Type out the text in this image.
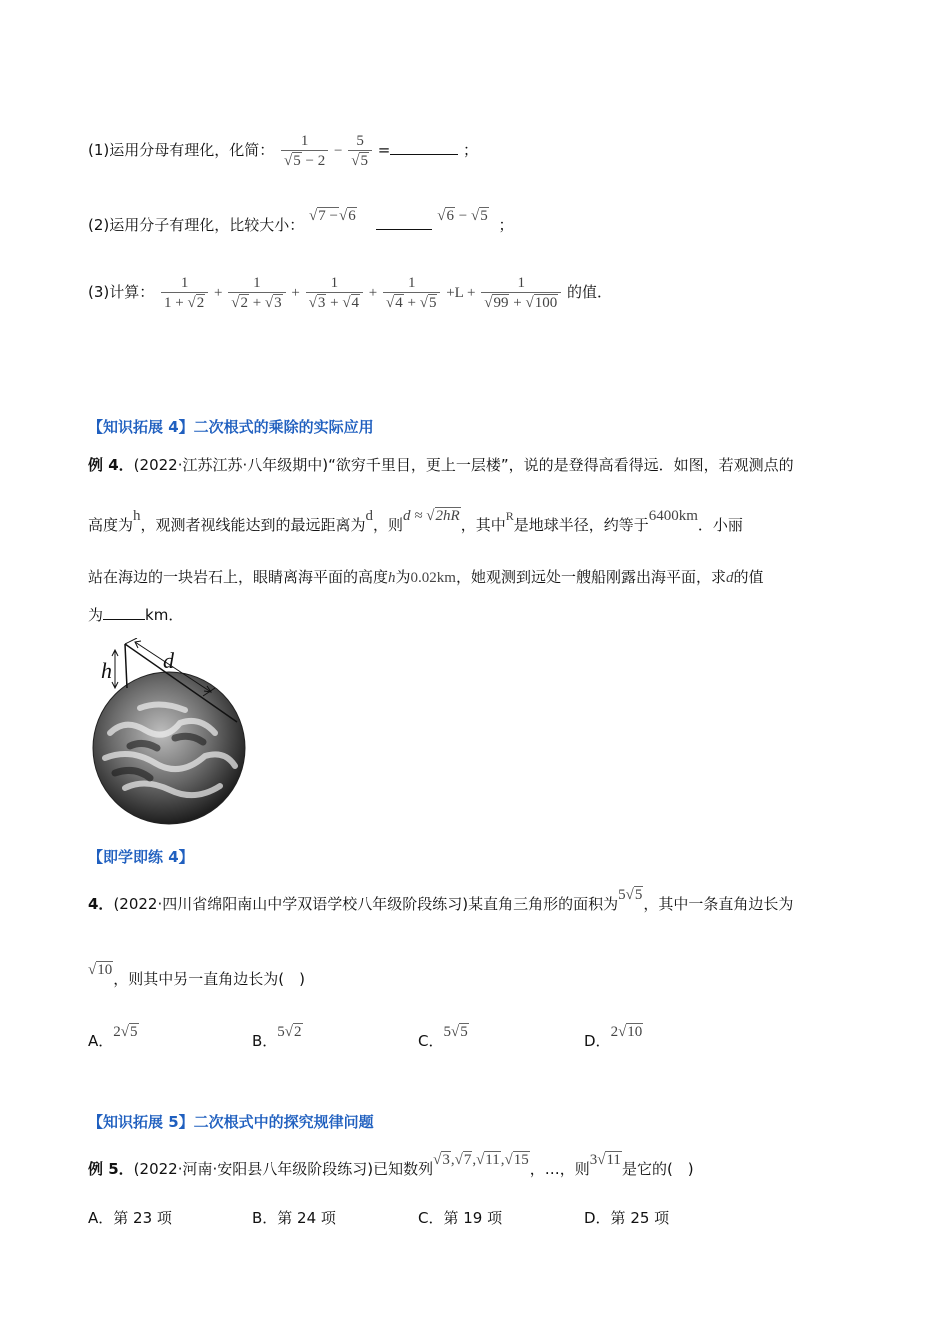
(1)运用分母有理化，化简： $\frac{1}{√5 - 2} - \frac{5}{√5}$ =	；
(2)运用分子有理化，比较大小： √7 −√6	√6 − √5 ；
(3)计算： $\frac{1}{1 + √2} + \frac{1}{√2 + √3} + \frac{1}{√3 + √4} + \frac{1}{√4 + √5} +L + \frac{1}{√99 + √100}$ 的值．
【知识拓展 4】二次根式的乘除的实际应用
例 4．(2022·江苏江苏·八年级期中)“欲穷千里目，更上一层楼”，说的是登得高看得远．如图，若观测点的
高度为h，观测者视线能达到的最远距离为d，则d ≈ √2hR，其中$^R$是地球半径，约等于6400km．小丽
站在海边的一块岩石上，眼睛离海平面的高度h为0.02km，她观测到远处一艘船刚露出海平面，求d的值
为	km．
h d
【即学即练 4】
4．(2022·四川省绵阳南山中学双语学校八年级阶段练习)某直角三角形的面积为5√5，其中一条直角边长为
√10，则其中另一直角边长为(　)
A．2√5	B．5√2	C．5√5	D．2√10
【知识拓展 5】二次根式中的探究规律问题
例 5．(2022·河南·安阳县八年级阶段练习)已知数列√3,√7,√11,√15，…，则3√11是它的(　)
A．第 23 项	B．第 24 项	C．第 19 项	D．第 25 项
